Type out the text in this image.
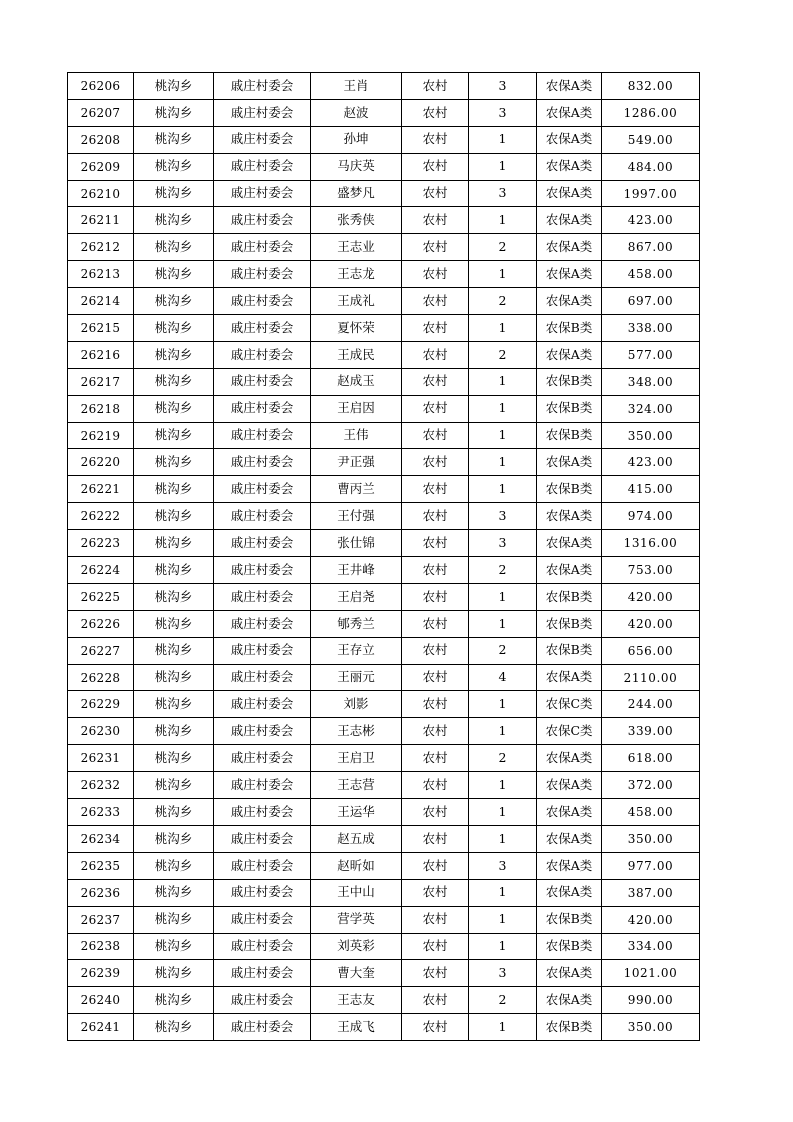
26206	桃沟乡	戚庄村委会	王肖	农村	3	农保A类	832.00
26207	桃沟乡	戚庄村委会	赵波	农村	3	农保A类	1286.00
26208	桃沟乡	戚庄村委会	孙坤	农村	1	农保A类	549.00
26209	桃沟乡	戚庄村委会	马庆英	农村	1	农保A类	484.00
26210	桃沟乡	戚庄村委会	盛梦凡	农村	3	农保A类	1997.00
26211	桃沟乡	戚庄村委会	张秀侠	农村	1	农保A类	423.00
26212	桃沟乡	戚庄村委会	王志业	农村	2	农保A类	867.00
26213	桃沟乡	戚庄村委会	王志龙	农村	1	农保A类	458.00
26214	桃沟乡	戚庄村委会	王成礼	农村	2	农保A类	697.00
26215	桃沟乡	戚庄村委会	夏怀荣	农村	1	农保B类	338.00
26216	桃沟乡	戚庄村委会	王成民	农村	2	农保A类	577.00
26217	桃沟乡	戚庄村委会	赵成玉	农村	1	农保B类	348.00
26218	桃沟乡	戚庄村委会	王启因	农村	1	农保B类	324.00
26219	桃沟乡	戚庄村委会	王伟	农村	1	农保B类	350.00
26220	桃沟乡	戚庄村委会	尹正强	农村	1	农保A类	423.00
26221	桃沟乡	戚庄村委会	曹丙兰	农村	1	农保B类	415.00
26222	桃沟乡	戚庄村委会	王付强	农村	3	农保A类	974.00
26223	桃沟乡	戚庄村委会	张仕锦	农村	3	农保A类	1316.00
26224	桃沟乡	戚庄村委会	王井峰	农村	2	农保A类	753.00
26225	桃沟乡	戚庄村委会	王启尧	农村	1	农保B类	420.00
26226	桃沟乡	戚庄村委会	郇秀兰	农村	1	农保B类	420.00
26227	桃沟乡	戚庄村委会	王存立	农村	2	农保B类	656.00
26228	桃沟乡	戚庄村委会	王丽元	农村	4	农保A类	2110.00
26229	桃沟乡	戚庄村委会	刘影	农村	1	农保C类	244.00
26230	桃沟乡	戚庄村委会	王志彬	农村	1	农保C类	339.00
26231	桃沟乡	戚庄村委会	王启卫	农村	2	农保A类	618.00
26232	桃沟乡	戚庄村委会	王志营	农村	1	农保A类	372.00
26233	桃沟乡	戚庄村委会	王运华	农村	1	农保A类	458.00
26234	桃沟乡	戚庄村委会	赵五成	农村	1	农保A类	350.00
26235	桃沟乡	戚庄村委会	赵昕如	农村	3	农保A类	977.00
26236	桃沟乡	戚庄村委会	王中山	农村	1	农保A类	387.00
26237	桃沟乡	戚庄村委会	营学英	农村	1	农保B类	420.00
26238	桃沟乡	戚庄村委会	刘英彩	农村	1	农保B类	334.00
26239	桃沟乡	戚庄村委会	曹大奎	农村	3	农保A类	1021.00
26240	桃沟乡	戚庄村委会	王志友	农村	2	农保A类	990.00
26241	桃沟乡	戚庄村委会	王成飞	农村	1	农保B类	350.00
